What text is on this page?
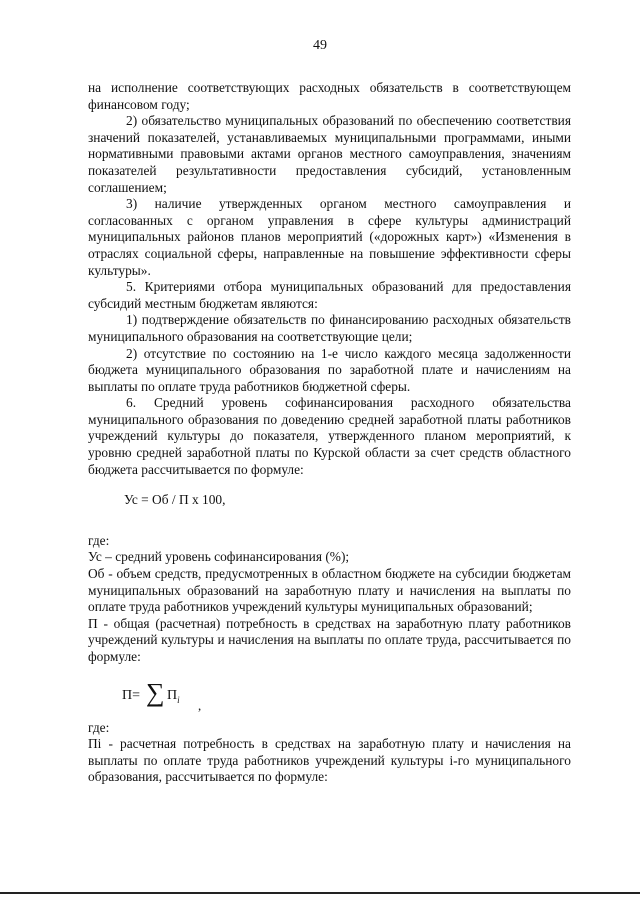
49

на исполнение соответствующих расходных обязательств в соответствующем финансовом году;

2) обязательство муниципальных образований по обеспечению соответствия значений показателей, устанавливаемых муниципальными программами, иными нормативными правовыми актами органов местного самоуправления, значениям показателей результативности предоставления субсидий, установленным соглашением;

3) наличие утвержденных органом местного самоуправления и согласованных с органом управления в сфере культуры администраций муниципальных районов планов мероприятий («дорожных карт») «Изменения в отраслях социальной сферы, направленные на повышение эффективности сферы культуры».

5. Критериями отбора муниципальных образований для предоставления субсидий местным бюджетам являются:

1) подтверждение обязательств по финансированию расходных обязательств муниципального образования на соответствующие цели;

2) отсутствие по состоянию на 1-е число каждого месяца задолженности бюджета муниципального образования по заработной плате и начислениям на выплаты по оплате труда работников бюджетной сферы.

6. Средний уровень софинансирования расходного обязательства муниципального образования по доведению средней заработной платы работников учреждений культуры до показателя, утвержденного планом мероприятий, к уровню средней заработной платы по Курской области за счет средств областного бюджета рассчитывается по формуле:

Ус = Об / П х 100,

где:

Ус – средний уровень софинансирования (%);

Об - объем средств, предусмотренных в областном бюджете на субсидии бюджетам муниципальных образований на заработную плату и начисления на выплаты по оплате труда работников учреждений культуры муниципальных образований;

П - общая (расчетная) потребность в средствах на заработную плату работников учреждений культуры и начисления на выплаты по оплате труда, рассчитывается по формуле:

П= ∑ $П_i$ ,

где:

Пi - расчетная потребность в средствах на заработную плату и начисления на выплаты по оплате труда работников учреждений культуры i-го муниципального образования, рассчитывается по формуле:
